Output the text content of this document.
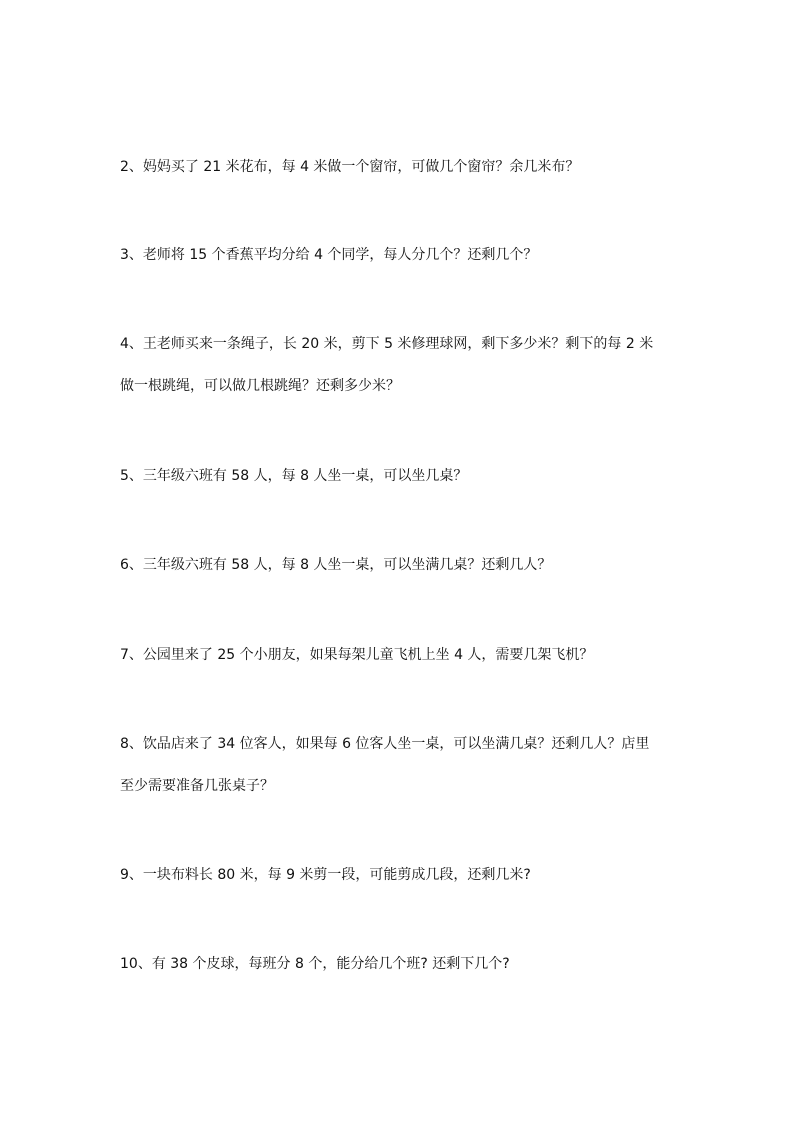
2、妈妈买了 21 米花布，每 4 米做一个窗帘，可做几个窗帘？余几米布？
3、老师将 15 个香蕉平均分给 4 个同学，每人分几个？还剩几个？
4、王老师买来一条绳子，长 20 米，剪下 5 米修理球网，剩下多少米？剩下的每 2 米
做一根跳绳，可以做几根跳绳？还剩多少米？
5、三年级六班有 58 人，每 8 人坐一桌，可以坐几桌？
6、三年级六班有 58 人，每 8 人坐一桌，可以坐满几桌？还剩几人？
7、公园里来了 25 个小朋友，如果每架儿童飞机上坐 4 人，需要几架飞机？
8、饮品店来了 34 位客人，如果每 6 位客人坐一桌，可以坐满几桌？还剩几人？店里
至少需要准备几张桌子？
9、一块布料长 80 米，每 9 米剪一段，可能剪成几段，还剩几米?
10、有 38 个皮球，每班分 8 个，能分给几个班? 还剩下几个?
